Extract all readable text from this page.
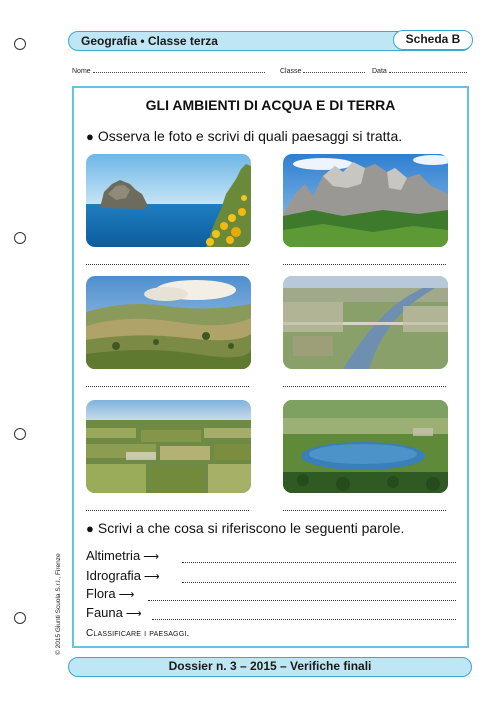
Geografia • Classe terza	Scheda B
Nome	Classe	Data
GLI AMBIENTI DI ACQUA E DI TERRA
● Osserva le foto e scrivi di quali paesaggi si tratta.
● Scrivi a che cosa si riferiscono le seguenti parole.
Altimetria ⟶
Idrografia ⟶
Flora ⟶
Fauna ⟶
Classificare i paesaggi.
© 2015 Giunti Scuola S.r.l., Firenze
Dossier n. 3 – 2015 – Verifiche finali
